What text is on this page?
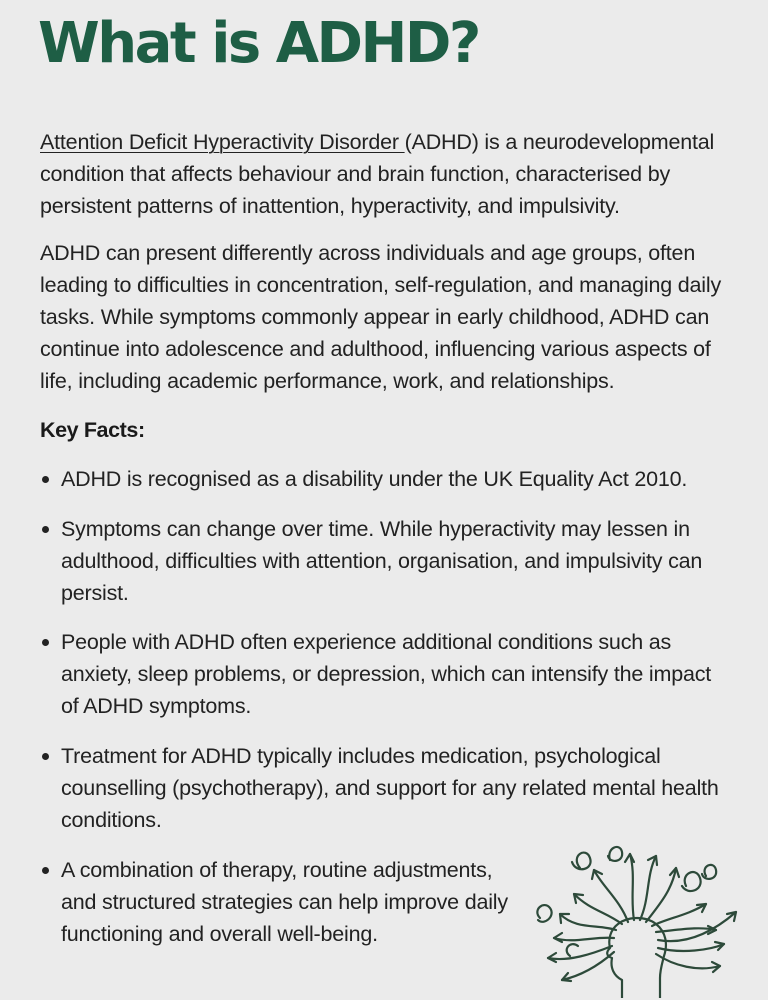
What is ADHD?

Attention Deficit Hyperactivity Disorder (ADHD) is a neurodevelopmental condition that affects behaviour and brain function, characterised by persistent patterns of inattention, hyperactivity, and impulsivity.

ADHD can present differently across individuals and age groups, often leading to difficulties in concentration, self-regulation, and managing daily tasks. While symptoms commonly appear in early childhood, ADHD can continue into adolescence and adulthood, influencing various aspects of life, including academic performance, work, and relationships.

Key Facts:
ADHD is recognised as a disability under the UK Equality Act 2010.
Symptoms can change over time. While hyperactivity may lessen in adulthood, difficulties with attention, organisation, and impulsivity can persist.
People with ADHD often experience additional conditions such as anxiety, sleep problems, or depression, which can intensify the impact of ADHD symptoms.
Treatment for ADHD typically includes medication, psychological counselling (psychotherapy), and support for any related mental health conditions.
A combination of therapy, routine adjustments, and structured strategies can help improve daily functioning and overall well-being.
